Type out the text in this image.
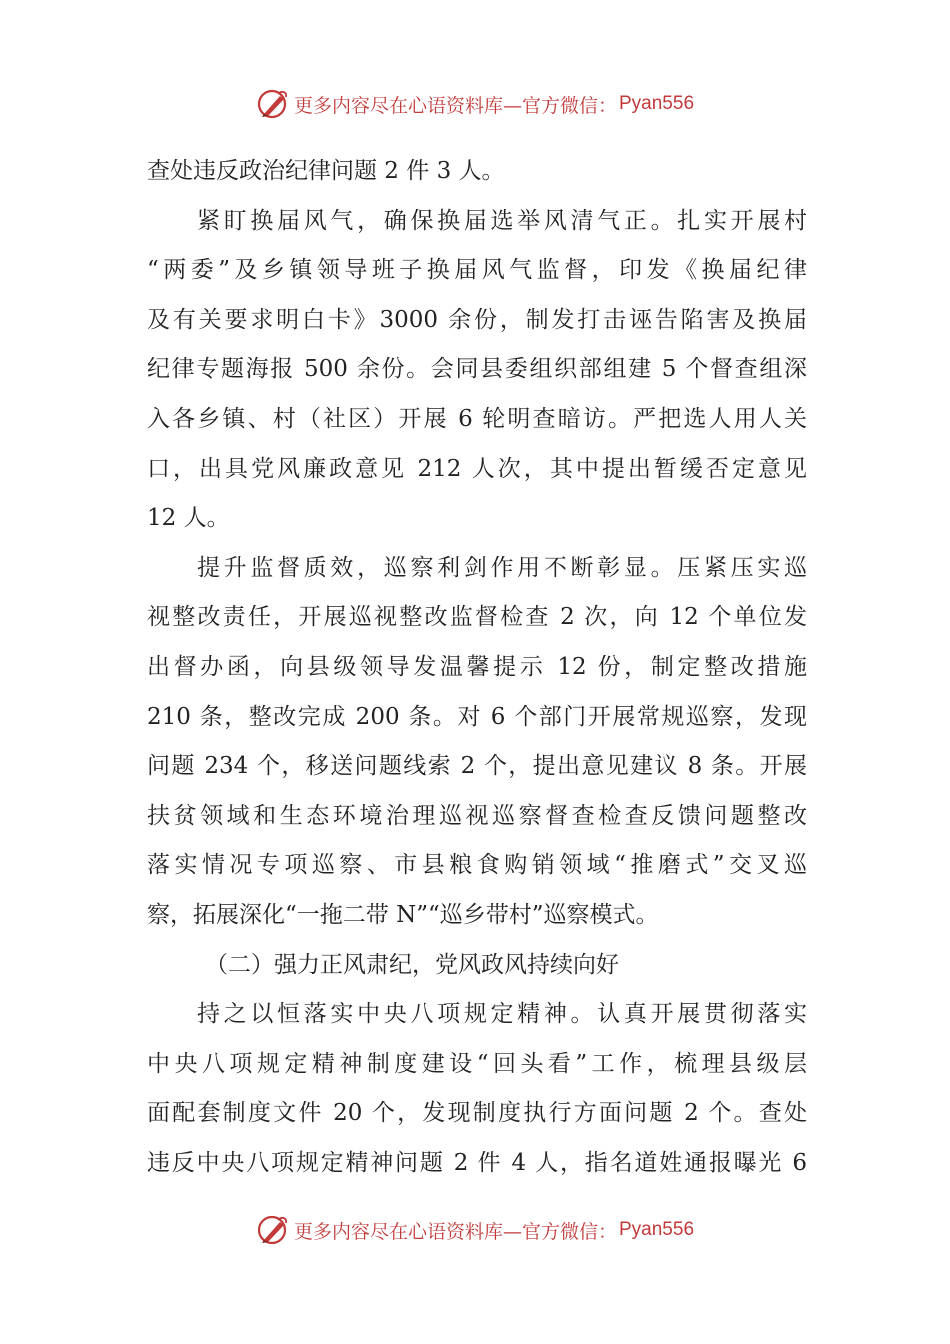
更多内容尽在心语资料库—官方微信： Pyan556
查处违反政治纪律问题 2 件 3 人。
紧盯换届风气，确保换届选举风清气正。扎实开展村
“两委”及乡镇领导班子换届风气监督，印发《换届纪律
及有关要求明白卡》3000 余份，制发打击诬告陷害及换届
纪律专题海报 500 余份。会同县委组织部组建 5 个督查组深
入各乡镇、村（社区）开展 6 轮明查暗访。严把选人用人关
口，出具党风廉政意见 212 人次，其中提出暂缓否定意见
12 人。
提升监督质效，巡察利剑作用不断彰显。压紧压实巡
视整改责任，开展巡视整改监督检查 2 次，向 12 个单位发
出督办函，向县级领导发温馨提示 12 份，制定整改措施
210 条，整改完成 200 条。对 6 个部门开展常规巡察，发现
问题 234 个，移送问题线索 2 个，提出意见建议 8 条。开展
扶贫领域和生态环境治理巡视巡察督查检查反馈问题整改
落实情况专项巡察、市县粮食购销领域“推磨式”交叉巡
察，拓展深化“一拖二带 N”“巡乡带村”巡察模式。
（二）强力正风肃纪，党风政风持续向好
持之以恒落实中央八项规定精神。认真开展贯彻落实
中央八项规定精神制度建设“回头看”工作，梳理县级层
面配套制度文件 20 个，发现制度执行方面问题 2 个。查处
违反中央八项规定精神问题 2 件 4 人，指名道姓通报曝光 6
更多内容尽在心语资料库—官方微信： Pyan556
